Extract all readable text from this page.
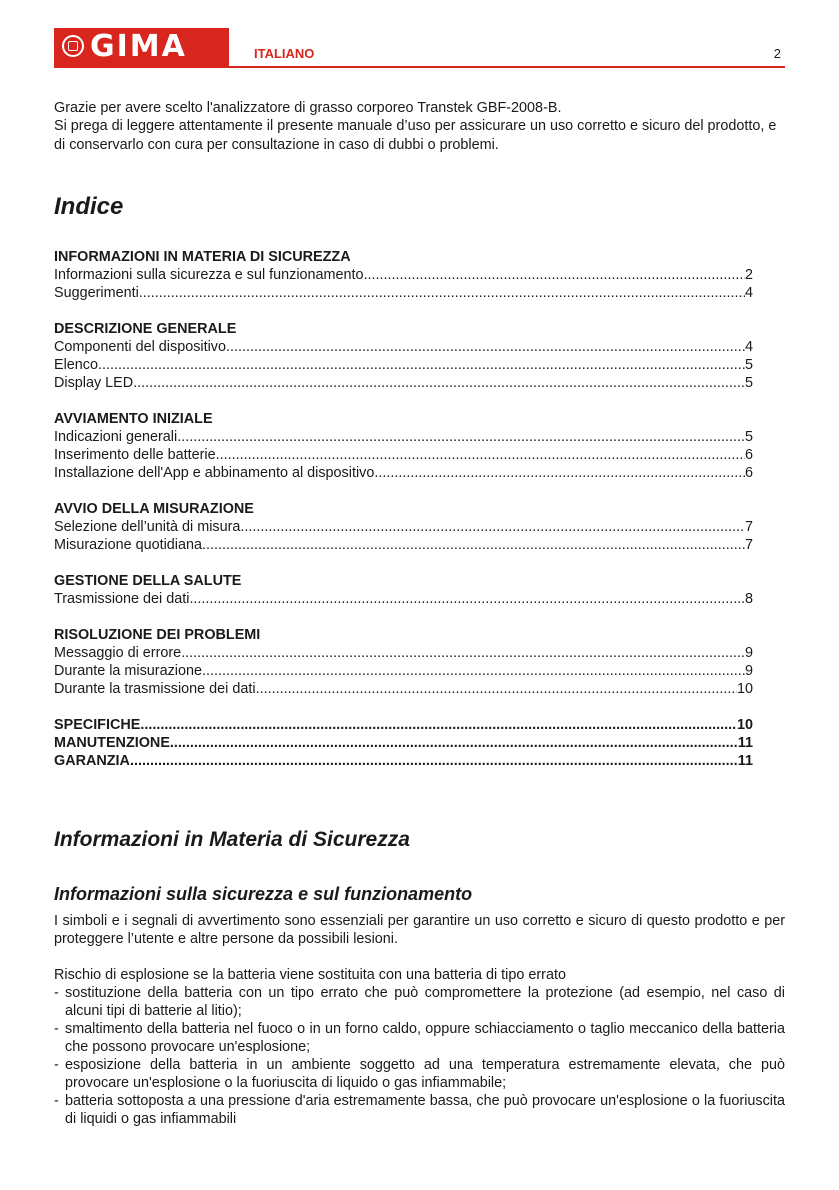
GIMA	ITALIANO	2

Grazie per avere scelto l'analizzatore di grasso corporeo Transtek GBF-2008-B.

Si prega di leggere attentamente il presente manuale d’uso per assicurare un uso corretto e sicuro del prodotto, e di conservarlo con cura per consultazione in caso di dubbi o problemi.

Indice
INFORMAZIONI IN MATERIA DI SICUREZZA
Informazioni sulla sicurezza e sul funzionamento .....	2
Suggerimenti .....	4
DESCRIZIONE GENERALE
Componenti del dispositivo .....	4
Elenco .....	5
Display LED .....	5
AVVIAMENTO INIZIALE
Indicazioni generali .....	5
Inserimento delle batterie .....	6
Installazione dell'App e abbinamento al dispositivo .....	6
AVVIO DELLA MISURAZIONE
Selezione dell’unità di misura .....	7
Misurazione quotidiana .....	7
GESTIONE DELLA SALUTE
Trasmissione dei dati .....	8
RISOLUZIONE DEI PROBLEMI
Messaggio di errore .....	9
Durante la misurazione .....	9
Durante la trasmissione dei dati .....	10
SPECIFICHE .....	10
MANUTENZIONE .....	11
GARANZIA .....	11
Informazioni in Materia di Sicurezza
Informazioni sulla sicurezza e sul funzionamento

I simboli e i segnali di avvertimento sono essenziali per garantire un uso corretto e sicuro di questo prodotto e per proteggere l’utente e altre persone da possibili lesioni.

Rischio di esplosione se la batteria viene sostituita con una batteria di tipo errato

- sostituzione della batteria con un tipo errato che può compromettere la protezione (ad esempio, nel caso di alcuni tipi di batterie al litio);
- smaltimento della batteria nel fuoco o in un forno caldo, oppure schiacciamento o taglio meccanico della batteria che possono provocare un'esplosione;
- esposizione della batteria in un ambiente soggetto ad una temperatura estremamente elevata, che può provocare un'esplosione o la fuoriuscita di liquido o gas infiammabile;
- batteria sottoposta a una pressione d'aria estremamente bassa, che può provocare un'esplosione o la fuoriuscita di liquidi o gas infiammabili
